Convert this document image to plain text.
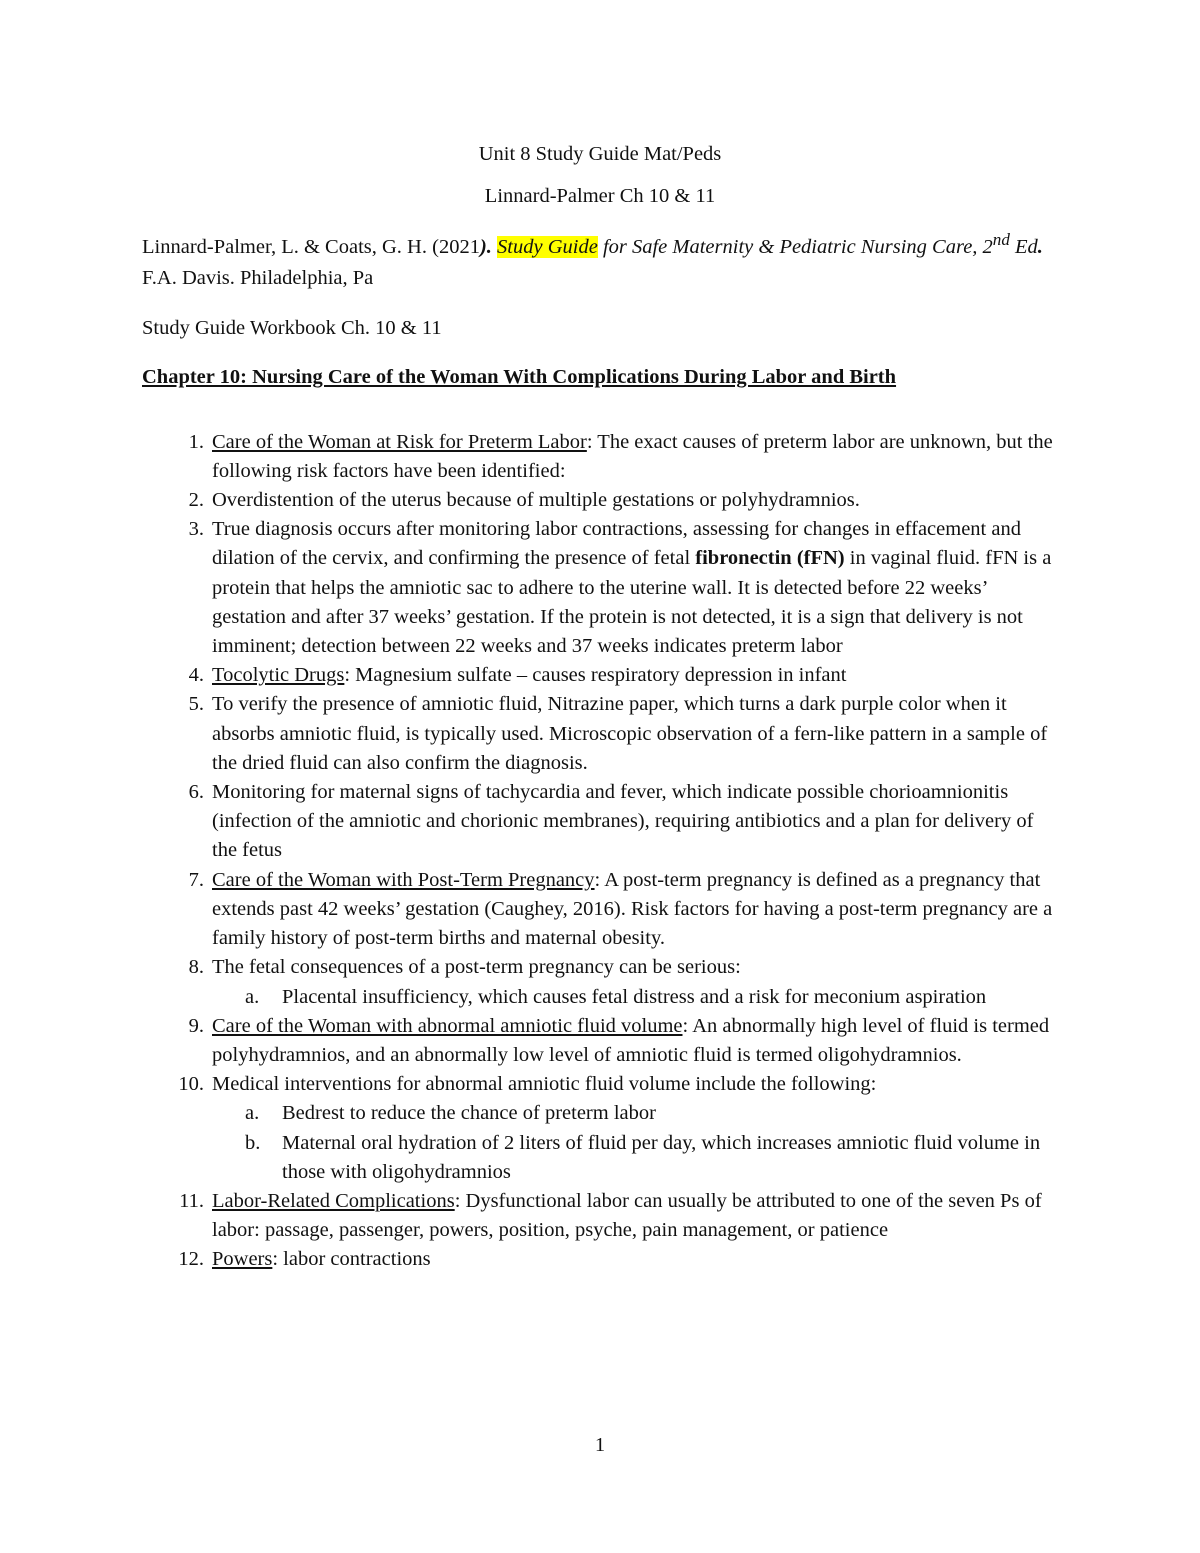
Unit 8 Study Guide Mat/Peds
Linnard-Palmer Ch 10 & 11
Linnard-Palmer, L. & Coats, G. H. (2021). Study Guide for Safe Maternity & Pediatric Nursing Care, 2nd Ed. F.A. Davis. Philadelphia, Pa
Study Guide Workbook Ch. 10 & 11
Chapter 10: Nursing Care of the Woman With Complications During Labor and Birth
1. Care of the Woman at Risk for Preterm Labor: The exact causes of preterm labor are unknown, but the following risk factors have been identified:
2. Overdistention of the uterus because of multiple gestations or polyhydramnios.
3. True diagnosis occurs after monitoring labor contractions, assessing for changes in effacement and dilation of the cervix, and confirming the presence of fetal fibronectin (fFN) in vaginal fluid. fFN is a protein that helps the amniotic sac to adhere to the uterine wall. It is detected before 22 weeks’ gestation and after 37 weeks’ gestation. If the protein is not detected, it is a sign that delivery is not imminent; detection between 22 weeks and 37 weeks indicates preterm labor
4. Tocolytic Drugs: Magnesium sulfate – causes respiratory depression in infant
5. To verify the presence of amniotic fluid, Nitrazine paper, which turns a dark purple color when it absorbs amniotic fluid, is typically used. Microscopic observation of a fern-like pattern in a sample of the dried fluid can also confirm the diagnosis.
6. Monitoring for maternal signs of tachycardia and fever, which indicate possible chorioamnionitis (infection of the amniotic and chorionic membranes), requiring antibiotics and a plan for delivery of the fetus
7. Care of the Woman with Post-Term Pregnancy: A post-term pregnancy is defined as a pregnancy that extends past 42 weeks’ gestation (Caughey, 2016). Risk factors for having a post-term pregnancy are a family history of post-term births and maternal obesity.
8. The fetal consequences of a post-term pregnancy can be serious:
a.	Placental insufficiency, which causes fetal distress and a risk for meconium aspiration
9. Care of the Woman with abnormal amniotic fluid volume: An abnormally high level of fluid is termed polyhydramnios, and an abnormally low level of amniotic fluid is termed oligohydramnios.
10. Medical interventions for abnormal amniotic fluid volume include the following:
a.	Bedrest to reduce the chance of preterm labor
b.	Maternal oral hydration of 2 liters of fluid per day, which increases amniotic fluid volume in those with oligohydramnios
11. Labor-Related Complications: Dysfunctional labor can usually be attributed to one of the seven Ps of labor: passage, passenger, powers, position, psyche, pain management, or patience
12. Powers: labor contractions
1
